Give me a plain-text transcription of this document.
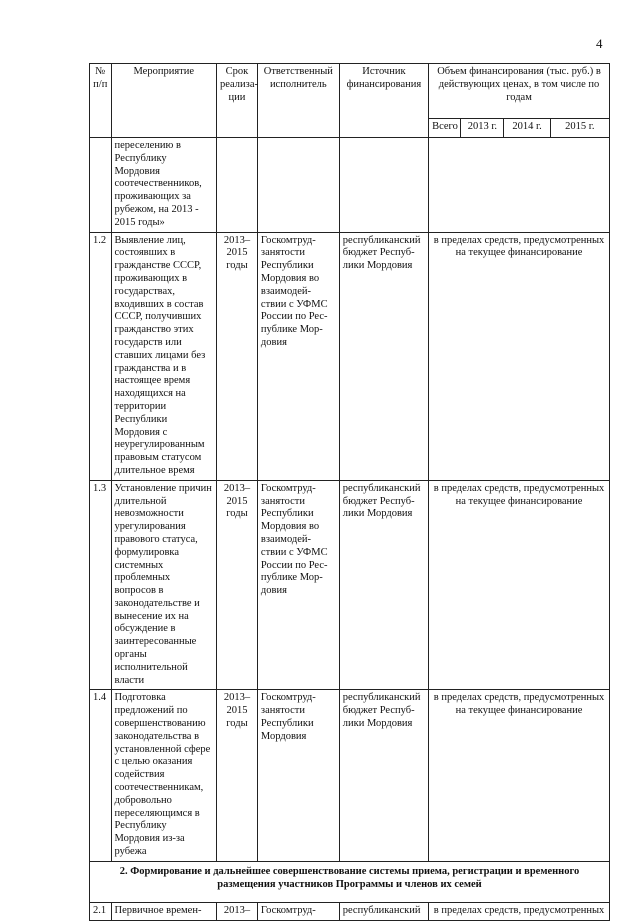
4
№ п/п	Мероприятие	Срок реализа-ции	Ответственный исполнитель	Источник финансирования	Объем финансирования (тыс. руб.) в действующих ценах, в том числе по годам			
					Всего	2013 г.	2014 г.	2015 г.
	переселению в Республику Мордовия соотечественников, проживающих за рубежом, на 2013 - 2015 годы»							
1.2	Выявление лиц, состоявших в гражданстве СССР, проживающих в государствах, входивших в состав СССР, получивших гражданство этих государств или ставших лицами без гражданства и в настоящее время находящихся на территории Республики Мордовия с неурегулированным правовым статусом длительное время	2013–2015 годы	Госкомтруд-занятости Республики Мордовия во взаимодей-ствии с УФМС России по Рес-публике Мор-довия	республиканский бюджет Респуб-лики Мордовия	в пределах средств, предусмотренных на текущее финансирование			
1.3	Установление причин длительной невозможности урегулирования правового статуса, формулировка системных проблемных вопросов в законодательстве и вынесение их на обсуждение в заинтересованные органы исполнительной власти	2013–2015 годы	Госкомтруд-занятости Республики Мордовия во взаимодей-ствии с УФМС России по Рес-публике Мор-довия	республиканский бюджет Респуб-лики Мордовия	в пределах средств, предусмотренных на текущее финансирование			
1.4	Подготовка предложений по совершенствованию законодательства в установленной сфере с целью оказания содействия соотечественникам, добровольно переселяющимся в Республику Мордовия из-за рубежа	2013–2015 годы	Госкомтруд-занятости Республики Мордовия	республиканский бюджет Респуб-лики Мордовия	в пределах средств, предусмотренных на текущее финансирование			
2. Формирование и дальнейшее совершенствование системы приема, регистрации и временного размещения участников Программы и членов их семей								
2.1	Первичное времен-	2013–	Госкомтруд-	республиканский	в пределах средств, предусмотренных			
